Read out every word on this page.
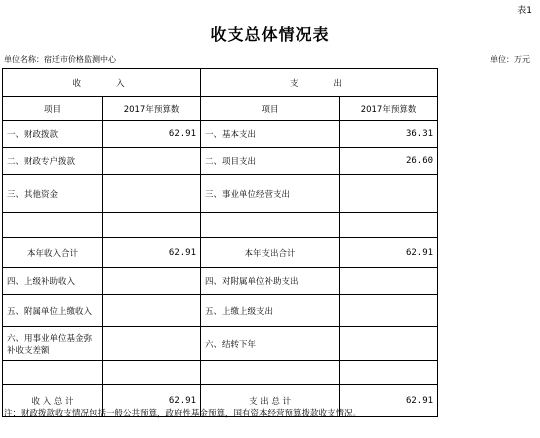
表1
收支总体情况表
单位名称：宿迁市价格监测中心	单位：万元
收　　入		支　　出	
项目	2017年预算数	项目	2017年预算数
一、财政拨款	62.91	一、基本支出	36.31
二、财政专户拨款		二、项目支出	26.60
三、其他资金		三、事业单位经营支出	

本年收入合计	62.91	本年支出合计	62.91
四、上级补助收入		四、对附属单位补助支出	
五、附属单位上缴收入		五、上缴上级支出	
六、用事业单位基金弥补收支差额		六、结转下年	

收 入 总 计	62.91	支 出 总 计	62.91
注：财政拨款收支情况包括一般公共预算，政府性基金预算，国有资本经营预算拨款收支情况。
